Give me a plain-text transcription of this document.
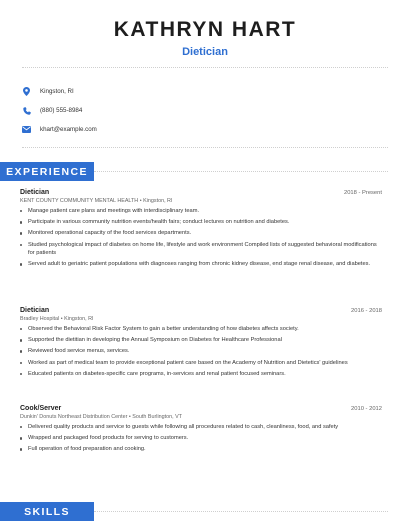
KATHRYN HART
Dietician
Kingston, RI
(880) 555-8984
khart@example.com
EXPERIENCE
Dietician	2018 - Present
KENT COUNTY COMMUNITY MENTAL HEALTH • Kingston, RI
Manage patient care plans and meetings with interdisciplinary team.
Participate in various community nutrition events/health fairs; conduct lectures on nutrition and diabetes.
Monitored operational capacity of the food services departments.
Studied psychological impact of diabetes on home life, lifestyle and work environment Compiled lists of suggested behavioral modifications for patients
Served adult to geriatric patient populations with diagnoses ranging from chronic kidney disease, end stage renal disease, and diabetes.
Dietician	2016 - 2018
Bradley Hospital • Kingston, RI
Observed the Behavioral Risk Factor System to gain a better understanding of how diabetes affects society.
Supported the dietitian in developing the Annual Symposium on Diabetes for Healthcare Professional
Reviewed food service menus, services.
Worked as part of medical team to provide exceptional patient care based on the Academy of Nutrition and Dietetics' guidelines
Educated patients on diabetes-specific care programs, in-services and renal patient focused seminars.
Cook/Server	2010 - 2012
Dunkin' Donuts Northeast Distribution Center • South Burlington, VT
Delivered quality products and service to guests while following all procedures related to cash, cleanliness, food, and safety
Wrapped and packaged food products for serving to customers.
Full operation of food preparation and cooking.
SKILLS
